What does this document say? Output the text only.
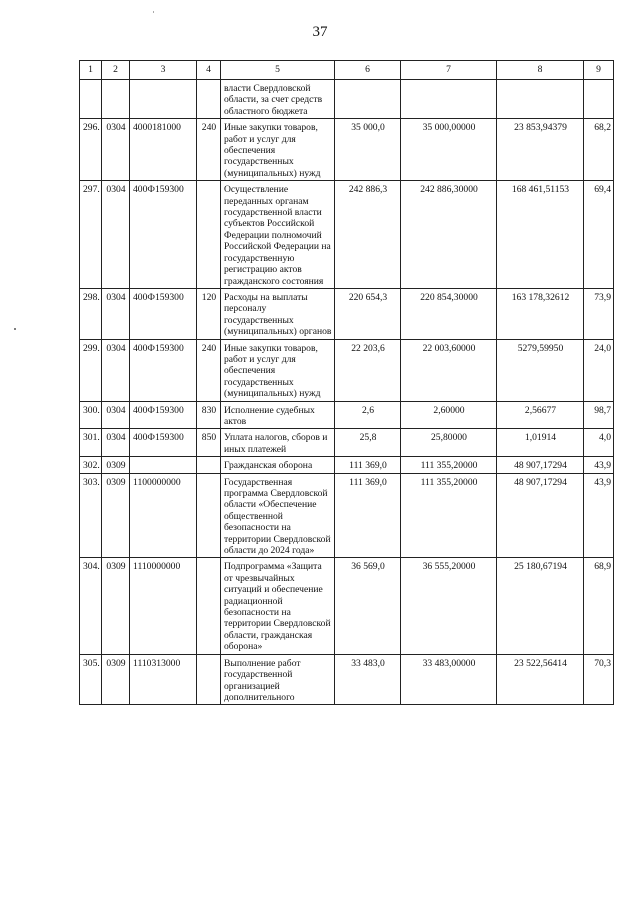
37
1	2	3	4	5	6	7	8	9
				власти Свердловской области, за счет средств областного бюджета				
296.	0304	4000181000	240	Иные закупки товаров, работ и услуг для обеспечения государственных (муниципальных) нужд	35 000,0	35 000,00000	23 853,94379	68,2
297.	0304	400Ф159300		Осуществление переданных органам государственной власти субъектов Российской Федерации полномочий Российской Федерации на государственную регистрацию актов гражданского состояния	242 886,3	242 886,30000	168 461,51153	69,4
298.	0304	400Ф159300	120	Расходы на выплаты персоналу государственных (муниципальных) органов	220 654,3	220 854,30000	163 178,32612	73,9
299.	0304	400Ф159300	240	Иные закупки товаров, работ и услуг для обеспечения государственных (муниципальных) нужд	22 203,6	22 003,60000	5279,59950	24,0
300.	0304	400Ф159300	830	Исполнение судебных актов	2,6	2,60000	2,56677	98,7
301.	0304	400Ф159300	850	Уплата налогов, сборов и иных платежей	25,8	25,80000	1,01914	4,0
302.	0309			Гражданская оборона	111 369,0	111 355,20000	48 907,17294	43,9
303.	0309	1100000000		Государственная программа Свердловской области «Обеспечение общественной безопасности на территории Свердловской области до 2024 года»	111 369,0	111 355,20000	48 907,17294	43,9
304.	0309	1110000000		Подпрограмма «Защита от чрезвычайных ситуаций и обеспечение радиационной безопасности на территории Свердловской области, гражданская оборона»	36 569,0	36 555,20000	25 180,67194	68,9
305.	0309	1110313000		Выполнение работ государственной организацией дополнительного	33 483,0	33 483,00000	23 522,56414	70,3
